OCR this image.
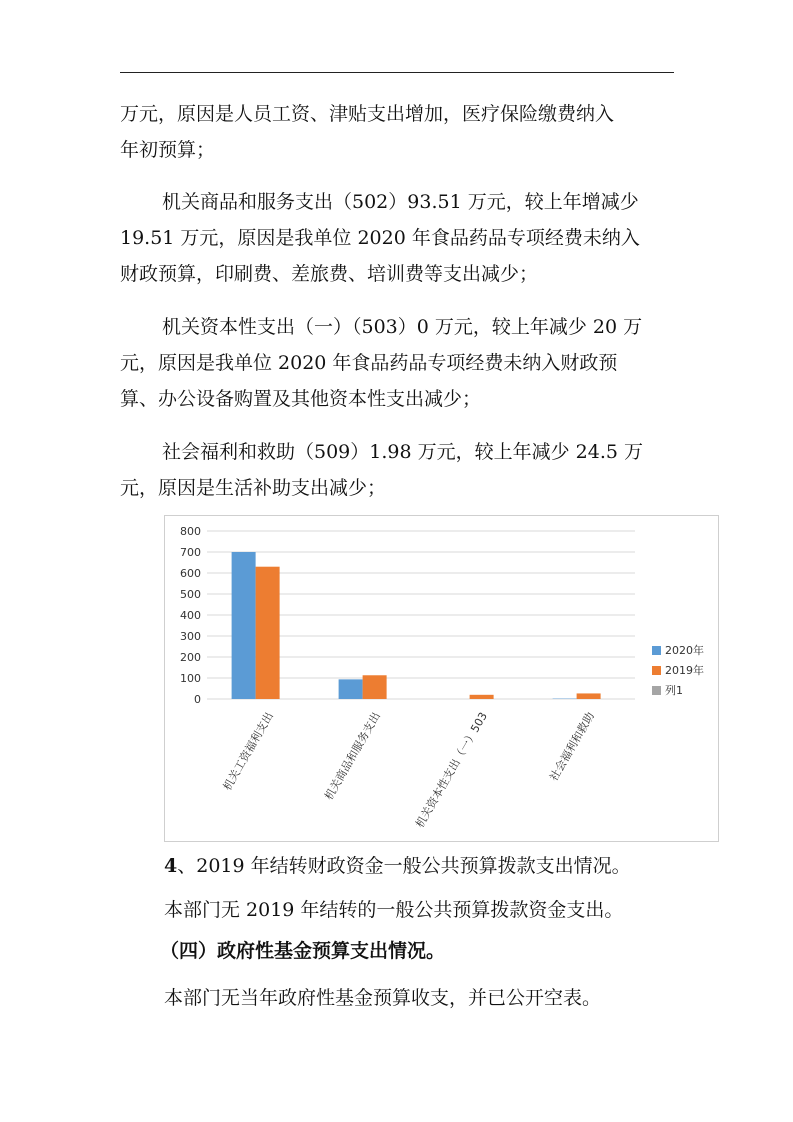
万元，原因是人员工资、津贴支出增加，医疗保险缴费纳入
年初预算；

机关商品和服务支出（502）93.51 万元，较上年增减少
19.51 万元，原因是我单位 2020 年食品药品专项经费未纳入
财政预算，印刷费、差旅费、培训费等支出减少；

机关资本性支出（一）（503）0 万元，较上年减少 20 万
元，原因是我单位 2020 年食品药品专项经费未纳入财政预
算、办公设备购置及其他资本性支出减少；

社会福利和救助（509）1.98 万元，较上年减少 24.5 万
元，原因是生活补助支出减少；

0
100
200
300
400
500
600
700
800
机关工资福利支出	机关商品和服务支出	机关资本性支出（一）503	社会福利和救助
2020年
2019年
列1

4、2019 年结转财政资金一般公共预算拨款支出情况。

本部门无 2019 年结转的一般公共预算拨款资金支出。

（四）政府性基金预算支出情况。

本部门无当年政府性基金预算收支，并已公开空表。
